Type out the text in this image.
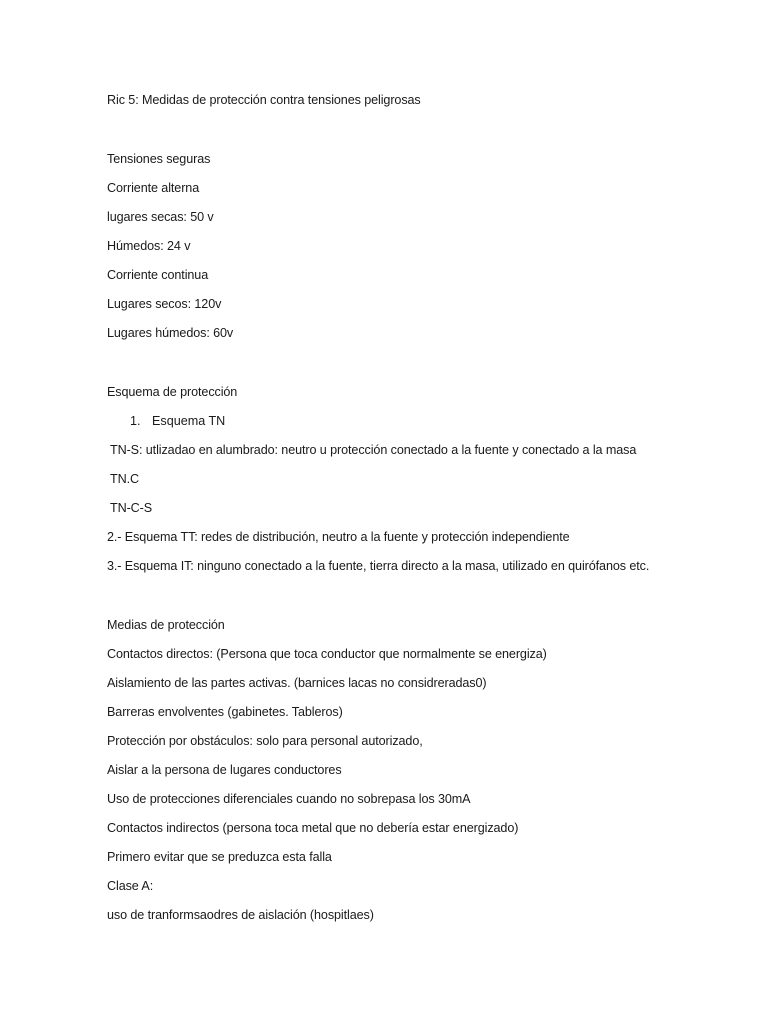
Ric 5: Medidas de protección contra tensiones peligrosas
Tensiones seguras
Corriente alterna
lugares secas: 50 v
Húmedos: 24 v
Corriente continua
Lugares secos: 120v
Lugares húmedos: 60v
Esquema de protección
1. Esquema TN
TN-S: utlizadao en alumbrado: neutro u protección conectado a la fuente y conectado a la masa
TN.C
TN-C-S
2.- Esquema TT: redes de distribución, neutro a la fuente y protección independiente
3.- Esquema IT: ninguno conectado a la fuente, tierra directo a la masa, utilizado en quirófanos etc.
Medias de protección
Contactos directos: (Persona que toca conductor que normalmente se energiza)
Aislamiento de las partes activas. (barnices lacas no considreradas0)
Barreras envolventes (gabinetes. Tableros)
Protección por obstáculos: solo para personal autorizado,
Aislar a la persona de lugares conductores
Uso de protecciones diferenciales cuando no sobrepasa los 30mA
Contactos indirectos (persona toca metal que no debería estar energizado)
Primero evitar que se preduzca esta falla
Clase A:
uso de tranformsaodres de aislación (hospitlaes)
